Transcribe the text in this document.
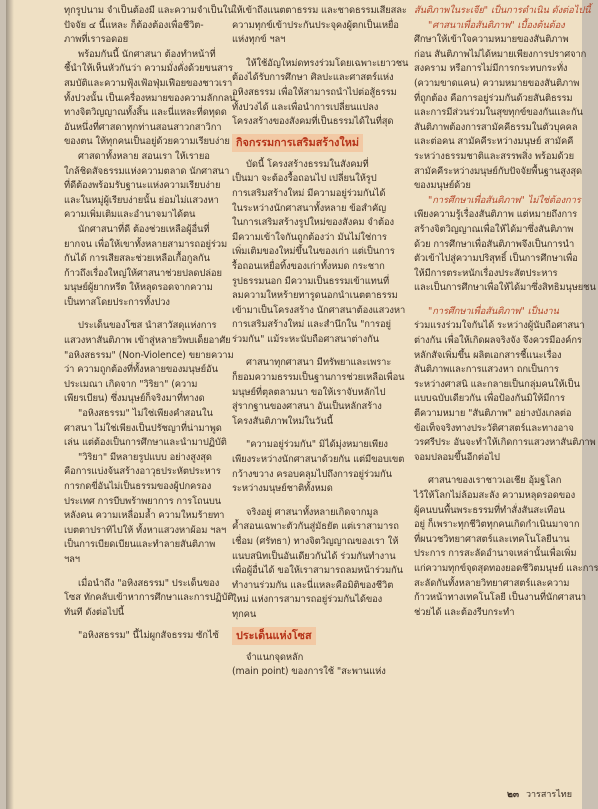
ทุกรูปนาม จำเป็นต้องมี และความจำเป็นใน
ปัจจัย ๔ นี้แหละ ก็ต้องต้องเพื่อชีวิต-
ภาพที่เรารอดอย
พร้อมกันนี้ นักศาสนา ต้องทำหน้าที่
ชี้นำให้เห็นหัวกันว่า ความมั่งคั่งด้วยขนสาร
สมบัติและความฟุ้งเฟ้อฟุ่มเฟือยของชาวเรา
ทั้งปวงนั้น เป็นเครื่องหมายของความลักกลน
ทางจิตวิญญาณทั้งสิ้น และนี่แหละที่ดทุดด
อันหนึ่งที่ศาสดาทุกท่านสอนสาวกสาวิกา
ของตน ให้ทุกคนเป็นอยู่ด้วยความเรียบง่าย
ศาสดาทั้งหลาย สอนเรา ให้เรายอ
ใกล้ชิดสัจธรรมแห่งความตลาด นักศาสนา
ที่ดีต้องพร้อมรับฐานะแห่งความเรียบง่าย
และในหมู่ผู้เรียบง่ายนั้น ย่อมไม่แสวงหา
ความเพิ่มเติมและอำนาจมาได้ตน
นักศาสนาที่ดี ต้องช่วยเหลือผู้อื่นที่
ยากจน เพื่อให้เขาทั้งหลายสามารถอยู่ร่วม
กันได้ การเสียสละช่วยเหลือเกื้อกูลกัน
ก้าวถึงเรื่องใหญ่ให้ศาสนาช่วยปลดปล่อย
มนุษย์ผู้ยากหรีต ให้หลุดรอดจากความ
เป็นทาสโดยประการทั้งปวง
ประเด็นของโซส นำสาวัสดุแห่งการ
แสวงหาสันติภาพ เข้าสู่หลายวิพบเด็ยอาศัย
"อหิงสธรรม" (Non-Violence) ขยายความ
ว่า ความถูกต้องที่ทั้งหลายของมนุษย์อัน
ประเมณา เกิดจาก "วิริยา" (ความ
เพียรเบียน) ซึ่งมนุษย์ก็จริงมาที่ทางด
"อหิงสธรรม" ไม่ใช่เพียงคำสอนใน
ศาสนา ไม่ใช่เพียงเป็นปรัชญาที่น่ามาพูด
เล่น แต่ต้องเป็นการศึกษาและนำมาปฏิบัติ
"วิริยา" มีหลายรูปแบบ อย่างสูงสุด
คือการแบ่งจ้นสร้างอาวุธประหัตประหาร
การกดขี่อันไม่เป็นธรรมของผู้ปกครอง
ประเทศ การบีบพร้าพยาการ การโถนบน
หลังคน ความเหลื่อมล้ำ ความใหมร้ายทา
เบตตาปราทิไปให้ ทั้งหาแสวงหาผ้อม ฯลฯ
เป็นการเบียดเบียนและทำลายสันติภาพ
ฯลฯ
เมื่อนำถึง "อหิงสธรรม" ประเด็นของ
โซส ทักคลับเข้าหาการศึกษาและการปฏิบัติ
ทันที ดังต่อไปนี้
"อหิงสธรรม" นี้ไม่ผูกสัจธรรม ซักไซ้
ให้เข้าถึงแนตตาธรรม และชาดธรรมเสียสละ
ความทุกข์เข้าประกันประจุคงผู้ตกเป็นเหยื่อ
แห่งทุกข์ ฯลฯ
ให้ใช้อัญใหม่ดทรงร่วมโดยเฉพาะเยาวชน
ต้องได้รับการศึกษา ศิลปะและศาสตร์แห่ง
อหิงสธรรม เพื่อให้สามารถนำไปต่อสู้ธรรม
ทั้งปวงได้ และเพื่อนำการเปลี่ยนแปลง
โครงสร้างของสังคมที่เป็นธรรมได้ในที่สุด
กิจกรรมการเสริมสร้างใหม่
บัดนี้ โครงสร้างธรรมในสังคมที่
เป็นมา จะต้องรื้อถอนไป เปลี่ยนให้รูป
การเสริมสร้างใหม่ มีความอยู่ร่วมกันได้
ในระหว่างนักศาสนาทั้งหลาย ข้อสำคัญ
ในการเสริมสร้างรูปใหม่ของสังคม จำต้อง
มีความเข้าใจกันถูกต้องว่า มันไม่ใช่การ
เพิ่มเติมของใหม่ขึ้นในของเก่า แต่เป็นการ
รื้อถอนเหยื่อทิ้งของเก่าทั้งหมด กระชาก
รูปธรรมนอก มีความเป็นธรรมเข้าแทนที่
ลมความใหหร้ายทารูดนอกนำเนตตาธรรม
เข้ามาเป็นโครงสร้าง นักศาสนาต้องแสวงหา
การเสริมสร้างใหม่ และสำนึกใน "การอยู่
ร่วมกัน" แม้ระหะนับถือศาสนาต่างกัน
ศาสนาทุกศาสนา มีทรัพยาและเพราะ
ก็ยอมความธรรมเป็นฐานการช่วยเหลือเพื่อน
มนุษย์ที่ตุลตลามนา ขอให้เราจับหลักไป
สู่รากฐานของศาสนา อันเป็นหลักสร้าง
โครงสันติภาพใหม่ในวันนี้
"ความอยู่ร่วมกัน" มิได้มุ่งหมายเพียง
เพียงระหว่างนักศาสนาด้วยกัน แต่มีขอบเขต
กว้างขวาง ครอบคลุมไปถึงการอยู่ร่วมกัน
ระหว่างมนุษย์ชาติทั้งหมด
จริงอยู่ ศาสนาทั้งหลายเกิดจากมูล
ค้ำสอนเฉพาะตัวกันสู่มัธยัต แต่เราสามารถ
เชื่อม (ศรัทธา) ทางจิตวิญญาณของเรา ให้
แนบสนิทเป็นอันเดียวกันได้ ร่วมกันทำงาน
เพื่อผู้อื่นได้ ขอให้เราสามารถลมหน้าร่วมกัน
ทำงานร่วมกัน และนี่แหละคือมิติของชีวิต
ใหม่ แห่งการสามารถอยู่ร่วมกันได้ของ
ทุกคน
ประเด็นแห่งโซส
จำแนกจุดหลัก
(main point) ของการใช้ "สะพานแห่ง
สันติภาพในระเจีย" เป็นการดำเนิน ดังต่อไปนี้
"ศาสนาเพื่อสันติภาพ" เบื้องต้นต้อง
ศึกษาให้เข้าใจความหมายของสันติภาพ
ก่อน สันติภาพไม่ได้หมายเพียงการปราศจาก
สงคราม หรือการไม่มีการกระทบกระทั่ง
(ความขาดแคน) ความหมายของสันติภาพ
ที่ถูกต้อง คือการอยู่ร่วมกันด้วยสันติธรรม
และการมีส่วนร่วมในสุขทุกข์ของกันและกัน
สันติภาพต้องการสามัคคีธรรมในตัวบุคคล
และต่อคน สามัคคีระหว่างมนุษย์ สามัคคี
ระหว่างธรรมชาติและสรรพสิ่ง พร้อมด้วย
สามัคคีระหว่างมนุษย์กับปัจจัยพื้นฐานสูงสุด
ของมนุษย์ด้วย
"การศึกษาเพื่อสันติภาพ" ไม่ใช่ต้องการ
เพียงความรู้เรื่องสันติภาพ แต่หมายถึงการ
สร้างจิตวิญญาณเพื่อให้ได้มาซึ่งสันติภาพ
ด้วย การศึกษาเพื่อสันติภาพจึงเป็นการนำ
ตัวเข้าไปสู่ความปริสุทธิ์ เป็นการศึกษาเพื่อ
ให้มีการตระหนักเรื่องประสัตประหาร
และเป็นการศึกษาเพื่อให้ได้มาซึ่งสิทธิมนุษยชน
"การศึกษาเพื่อสันติภาพ" เป็นงาน
ร่วมแรงร่วมใจกันได้ ระหว่างผู้นับถือศาสนา
ต่างกัน เพื่อให้เกิดผลจริงจัง จึงควรมีองค์กร
หลักสัจเพิ่มขึ้น ผลิตเอกสารชี้แนะเรื่อง
สันติภาพและการแสวงหา ถกเป็นการ
ระหว่างศาสนิ และกลายเป็นกลุ่มคนให้เป็น
แบบฉบับเดียวกัน เพื่อป้องกันมิให้มีการ
ตีความหมาย "สันติภาพ" อย่างบังเกลต่อ
ข้อเท็จจริงทางประวัติศาสตร์และทางอาจ
วรศรีประ อันจะทำให้เกิดการแสวงหาสันติภาพ
จอมปลอมขึ้นอีกต่อไป
ศาสนาของเราชาวเอเชีย อุ้มฐโลก
ไว้ให้โลกไม่ล้อมสะลัง ความหลุดรอดของ
ผู้คนบนพื้นพระธรรมที่ทำสั่งสันสะเทือน
อยู่ ก็เพราะทุกชีวิตทุกคนเกิดกำเนินมาจาก
ที่ผนวชวิทยาศาสตร์และเทคโนโลยีนาน
ประการ การสะลัดอำนาจเหล่านั้นเพื่อเพิ่ม
แก่ความทุกข์จุดสุดทองยอดชีวิตมนุษย์ และการ
สะลัดกันทั้งหลายวิทยาศาสตร์และความ
ก้าวหน้าทางเทคโนโลยี เป็นงานที่นักศาสนา
ช่วยได้ และต้องรีบกระทำ
๒๓ วารสารไทย
